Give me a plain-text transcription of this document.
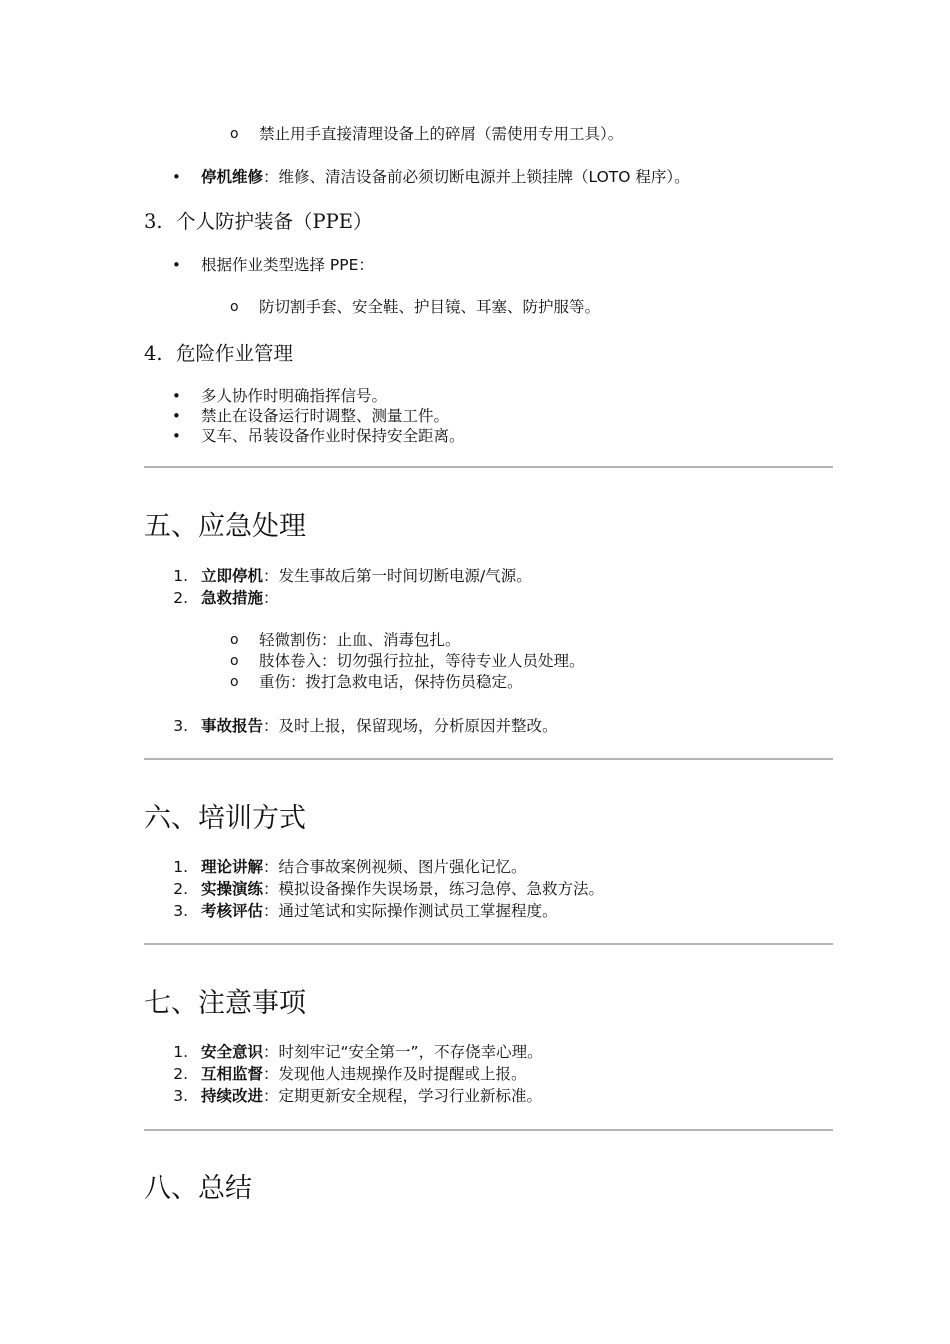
o 禁止用手直接清理设备上的碎屑（需使用专用工具）。
• 停机维修：维修、清洁设备前必须切断电源并上锁挂牌（LOTO 程序）。
3. 个人防护装备（PPE）
• 根据作业类型选择 PPE：
o 防切割手套、安全鞋、护目镜、耳塞、防护服等。
4. 危险作业管理
• 多人协作时明确指挥信号。
• 禁止在设备运行时调整、测量工件。
• 叉车、吊装设备作业时保持安全距离。
五、应急处理
1. 立即停机：发生事故后第一时间切断电源/气源。
2. 急救措施：
o 轻微割伤：止血、消毒包扎。
o 肢体卷入：切勿强行拉扯，等待专业人员处理。
o 重伤：拨打急救电话，保持伤员稳定。
3. 事故报告：及时上报，保留现场，分析原因并整改。
六、培训方式
1. 理论讲解：结合事故案例视频、图片强化记忆。
2. 实操演练：模拟设备操作失误场景，练习急停、急救方法。
3. 考核评估：通过笔试和实际操作测试员工掌握程度。
七、注意事项
1. 安全意识：时刻牢记“安全第一”，不存侥幸心理。
2. 互相监督：发现他人违规操作及时提醒或上报。
3. 持续改进：定期更新安全规程，学习行业新标准。
八、总结
